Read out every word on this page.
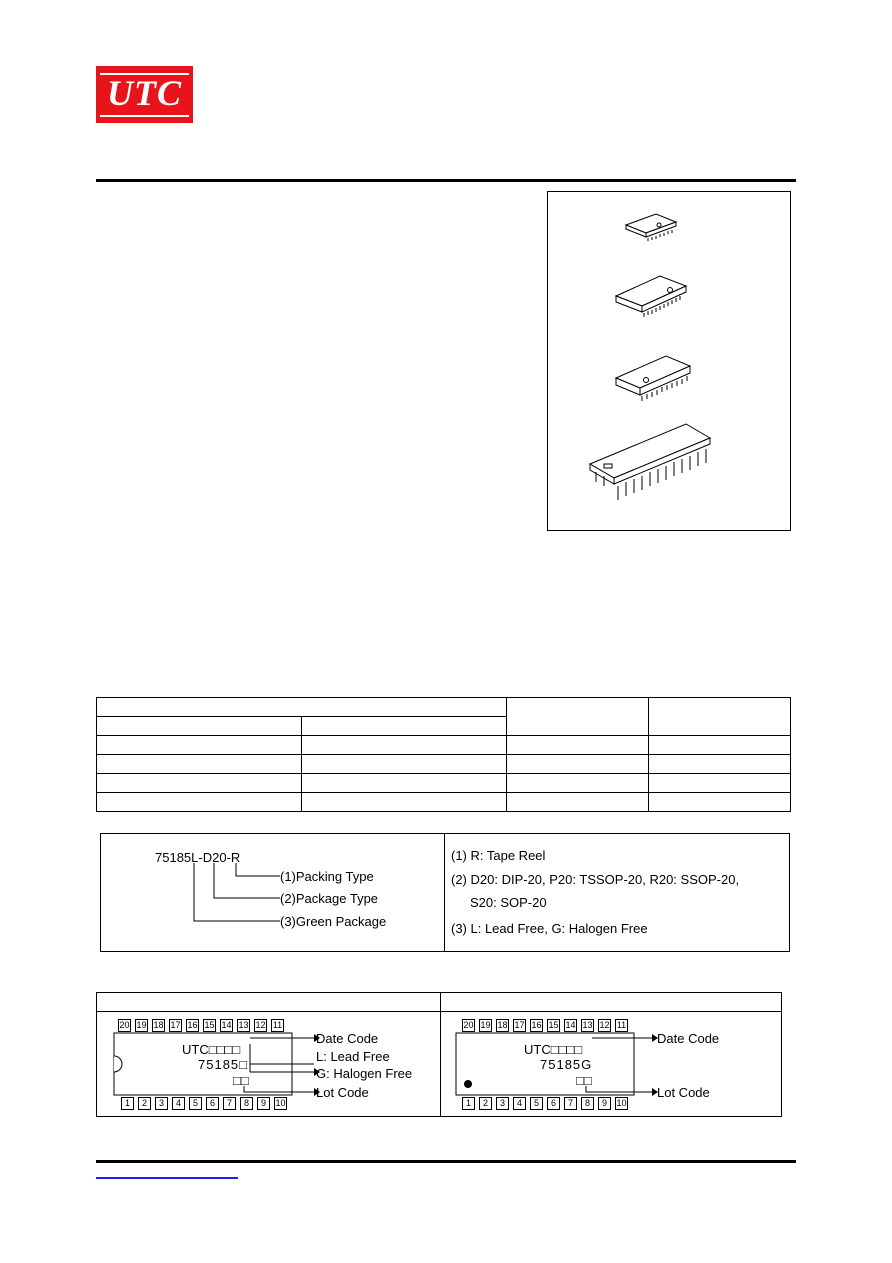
UTC

75185L-D20-R
(1)Packing Type
(2)Package Type
(3)Green Package
(1) R: Tape Reel
(2) D20: DIP-20, P20: TSSOP-20, R20: SSOP-20,
S20: SOP-20
(3) L: Lead Free, G: Halogen Free
20 19 18 17 16 15 14 13 12 11
1	2	3	4	5	6	7	8	9	10
UTC□□□□
75185□
□□
Date Code
L: Lead Free
G: Halogen Free
Lot Code
20 19 18 17 16 15 14 13 12 11
1	2	3	4	5	6	7	8	9	10
UTC□□□□
75185G
□□
Date Code
Lot Code
